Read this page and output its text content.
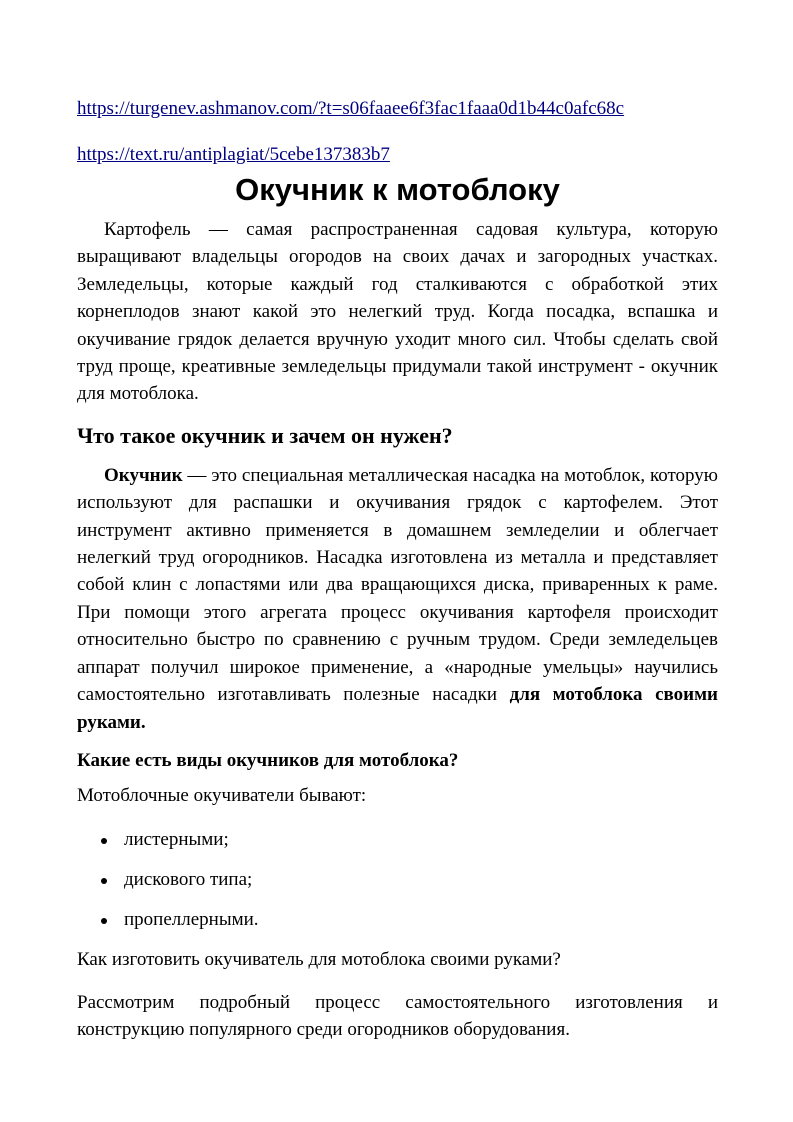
https://turgenev.ashmanov.com/?t=s06faaee6f3fac1faaa0d1b44c0afc68c
https://text.ru/antiplagiat/5cebe137383b7
Окучник к мотоблоку

Картофель — самая распространенная садовая культура, которую выращивают владельцы огородов на своих дачах и загородных участках. Земледельцы, которые каждый год сталкиваются с обработкой этих корнеплодов знают какой это нелегкий труд. Когда посадка, вспашка и окучивание грядок делается вручную уходит много сил. Чтобы сделать свой труд проще, креативные земледельцы придумали такой инструмент - окучник для мотоблока.

Что такое окучник и зачем он нужен?

Окучник — это специальная металлическая насадка на мотоблок, которую используют для распашки и окучивания грядок с картофелем. Этот инструмент активно применяется в домашнем земледелии и облегчает нелегкий труд огородников. Насадка изготовлена из металла и представляет собой клин с лопастями или два вращающихся диска, приваренных к раме. При помощи этого агрегата процесс окучивания картофеля происходит относительно быстро по сравнению с ручным трудом. Среди земледельцев аппарат получил широкое применение, а «народные умельцы» научились самостоятельно изготавливать полезные насадки для мотоблока своими руками.

Какие есть виды окучников для мотоблока?
Мотоблочные окучиватели бывают:
листерными;
дискового типа;
пропеллерными.
Как изготовить окучиватель для мотоблока своими руками?

Рассмотрим подробный процесс самостоятельного изготовления и конструкцию популярного среди огородников оборудования.
